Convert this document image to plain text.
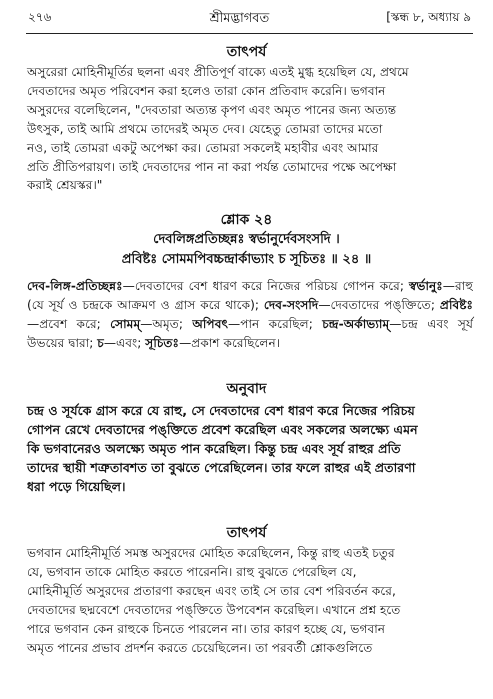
২৭৬	শ্রীমদ্ভাগবত	[স্কন্ধ ৮, অধ্যায় ৯
তাৎপর্য
অসুরেরা মোহিনীমূর্তির ছলনা এবং প্রীতিপূর্ণ বাক্যে এতই মুগ্ধ হয়েছিল যে, প্রথমে
দেবতাদের অমৃত পরিবেশন করা হলেও তারা কোন প্রতিবাদ করেনি। ভগবান
অসুরদের বলেছিলেন, "দেবতারা অত্যন্ত কৃপণ এবং অমৃত পানের জন্য অত্যন্ত
উৎসুক, তাই আমি প্রথমে তাদেরই অমৃত দেব। যেহেতু তোমরা তাদের মতো
নও, তাই তোমরা একটু অপেক্ষা কর। তোমরা সকলেই মহাবীর এবং আমার
প্রতি প্রীতিপরায়ণ। তাই দেবতাদের পান না করা পর্যন্ত তোমাদের পক্ষে অপেক্ষা
করাই শ্রেয়স্কর।"
শ্লোক ২৪
দেবলিঙ্গপ্রতিচ্ছন্নঃ স্বর্ভানুর্দেবসংসদি ।
প্রবিষ্টঃ সোমমপিবচ্চন্দ্রার্কাভ্যাং চ সূচিতঃ ॥ ২৪ ॥
দেব-লিঙ্গ-প্রতিচ্ছন্নঃ—দেবতাদের বেশ ধারণ করে নিজের পরিচয় গোপন করে; স্বর্ভানুঃ—রাহু (যে সূর্য ও চন্দ্রকে আক্রমণ ও গ্রাস করে থাকে); দেব-সংসদি—দেবতাদের পঙ্‌ক্তিতে; প্রবিষ্টঃ—প্রবেশ করে; সোমম্—অমৃত; অপিবৎ—পান করেছিল; চন্দ্র-অর্কাভ্যাম্—চন্দ্র এবং সূর্য উভয়ের দ্বারা; চ—এবং; সূচিতঃ—প্রকাশ করেছিলেন।
অনুবাদ
চন্দ্র ও সূর্যকে গ্রাস করে যে রাহু, সে দেবতাদের বেশ ধারণ করে নিজের পরিচয়
গোপন রেখে দেবতাদের পঙ্‌ক্তিতে প্রবেশ করেছিল এবং সকলের অলক্ষ্যে এমন
কি ভগবানেরও অলক্ষ্যে অমৃত পান করেছিল। কিন্তু চন্দ্র এবং সূর্য রাহুর প্রতি
তাদের স্থায়ী শত্রুতাবশত তা বুঝতে পেরেছিলেন। তার ফলে রাহুর এই প্রতারণা
ধরা পড়ে গিয়েছিল।
তাৎপর্য
ভগবান মোহিনীমূর্তি সমস্ত অসুরদের মোহিত করেছিলেন, কিন্তু রাহু এতই চতুর
যে, ভগবান তাকে মোহিত করতে পারেননি। রাহু বুঝতে পেরেছিল যে,
মোহিনীমূর্তি অসুরদের প্রতারণা করছেন এবং তাই সে তার বেশ পরিবর্তন করে,
দেবতাদের ছদ্মবেশে দেবতাদের পঙ্‌ক্তিতে উপবেশন করেছিল। এখানে প্রশ্ন হতে
পারে ভগবান কেন রাহুকে চিনতে পারলেন না। তার কারণ হচ্ছে যে, ভগবান
অমৃত পানের প্রভাব প্রদর্শন করতে চেয়েছিলেন। তা পরবর্তী শ্লোকগুলিতে
